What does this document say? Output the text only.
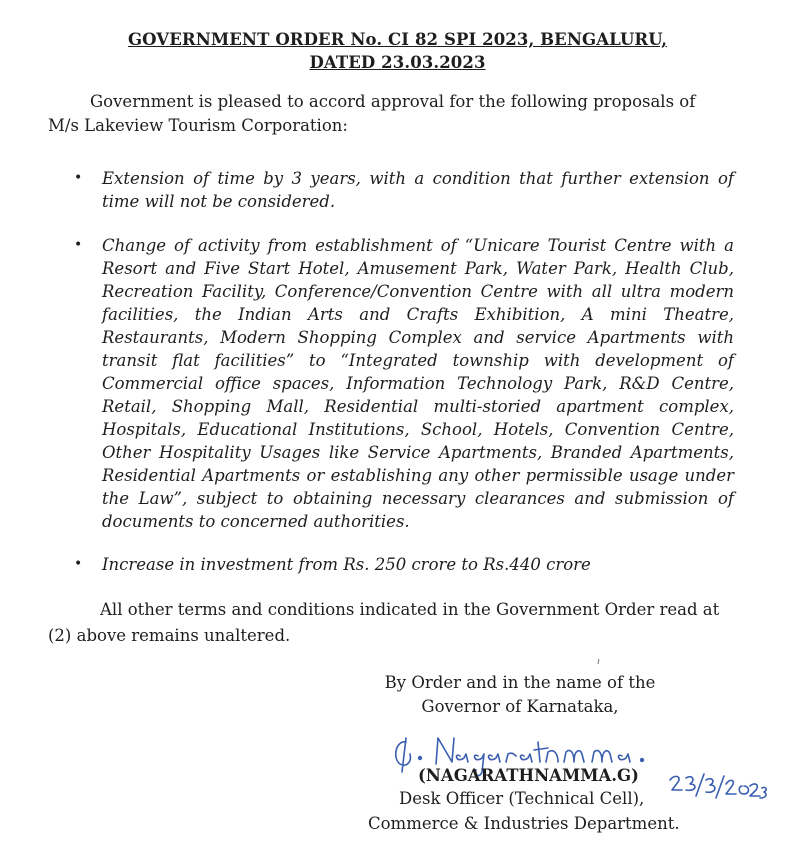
GOVERNMENT ORDER No. CI 82 SPI 2023, BENGALURU,
DATED 23.03.2023

Government is pleased to accord approval for the following proposals of

M/s Lakeview Tourism Corporation:

• Extension of time by 3 years, with a condition that further extension of time will not be considered.
• Change of activity from establishment of “Unicare Tourist Centre with a Resort and Five Start Hotel, Amusement Park, Water Park, Health Club, Recreation Facility, Conference/Convention Centre with all ultra modern facilities, the Indian Arts and Crafts Exhibition, A mini Theatre, Restaurants, Modern Shopping Complex and service Apartments with transit flat facilities” to “Integrated township with development of Commercial office spaces, Information Technology Park, R&D Centre, Retail, Shopping Mall, Residential multi-storied apartment complex, Hospitals, Educational Institutions, School, Hotels, Convention Centre, Other Hospitality Usages like Service Apartments, Branded Apartments, Residential Apartments or establishing any other permissible usage under the Law”, subject to obtaining necessary clearances and submission of documents to concerned authorities.
• Increase in investment from Rs. 250 crore to Rs.440 crore

All other terms and conditions indicated in the Government Order read at

(2) above remains unaltered.

By Order and in the name of the
Governor of Karnataka,
(NAGARATHNAMMA.G)
Desk Officer (Technical Cell),
Commerce & Industries Department.
